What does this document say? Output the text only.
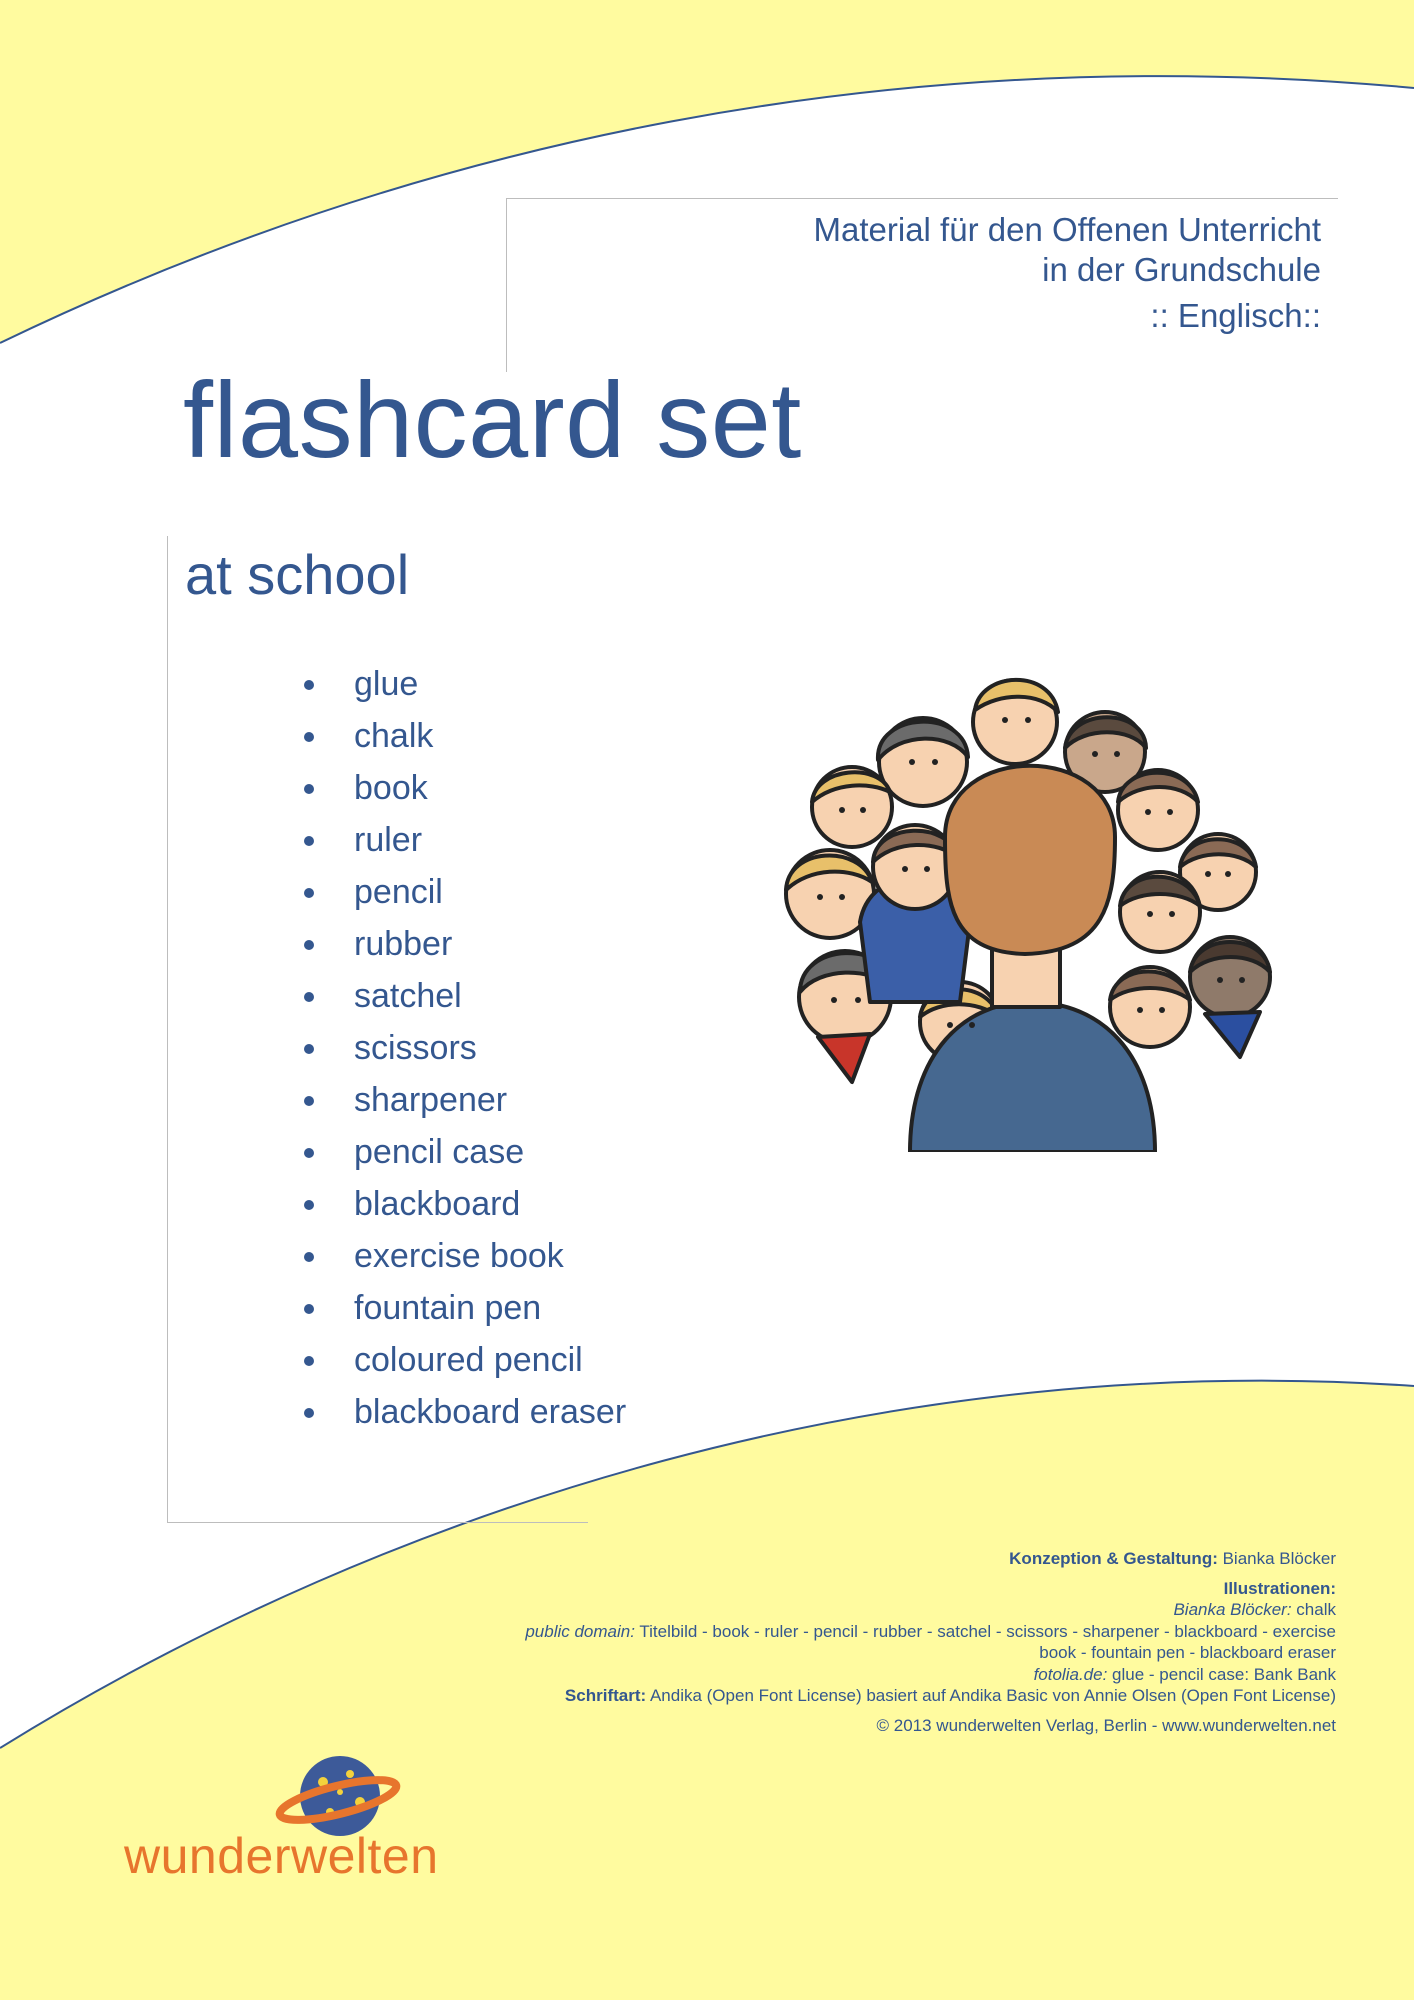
Material für den Offenen Unterricht
in der Grundschule
:: Englisch::
flashcard set
at school
glue
chalk
book
ruler
pencil
rubber
satchel
scissors
sharpener
pencil case
blackboard
exercise book
fountain pen
coloured pencil
blackboard eraser
Konzeption & Gestaltung: Bianka Blöcker
Illustrationen:
Bianka Blöcker: chalk
public domain: Titelbild - book - ruler - pencil - rubber - satchel - scissors - sharpener - blackboard - exercise
book - fountain pen - blackboard eraser
fotolia.de: glue - pencil case: Bank Bank
Schriftart: Andika (Open Font License) basiert auf Andika Basic von Annie Olsen (Open Font License)
© 2013 wunderwelten Verlag, Berlin - www.wunderwelten.net
wunderwelten
